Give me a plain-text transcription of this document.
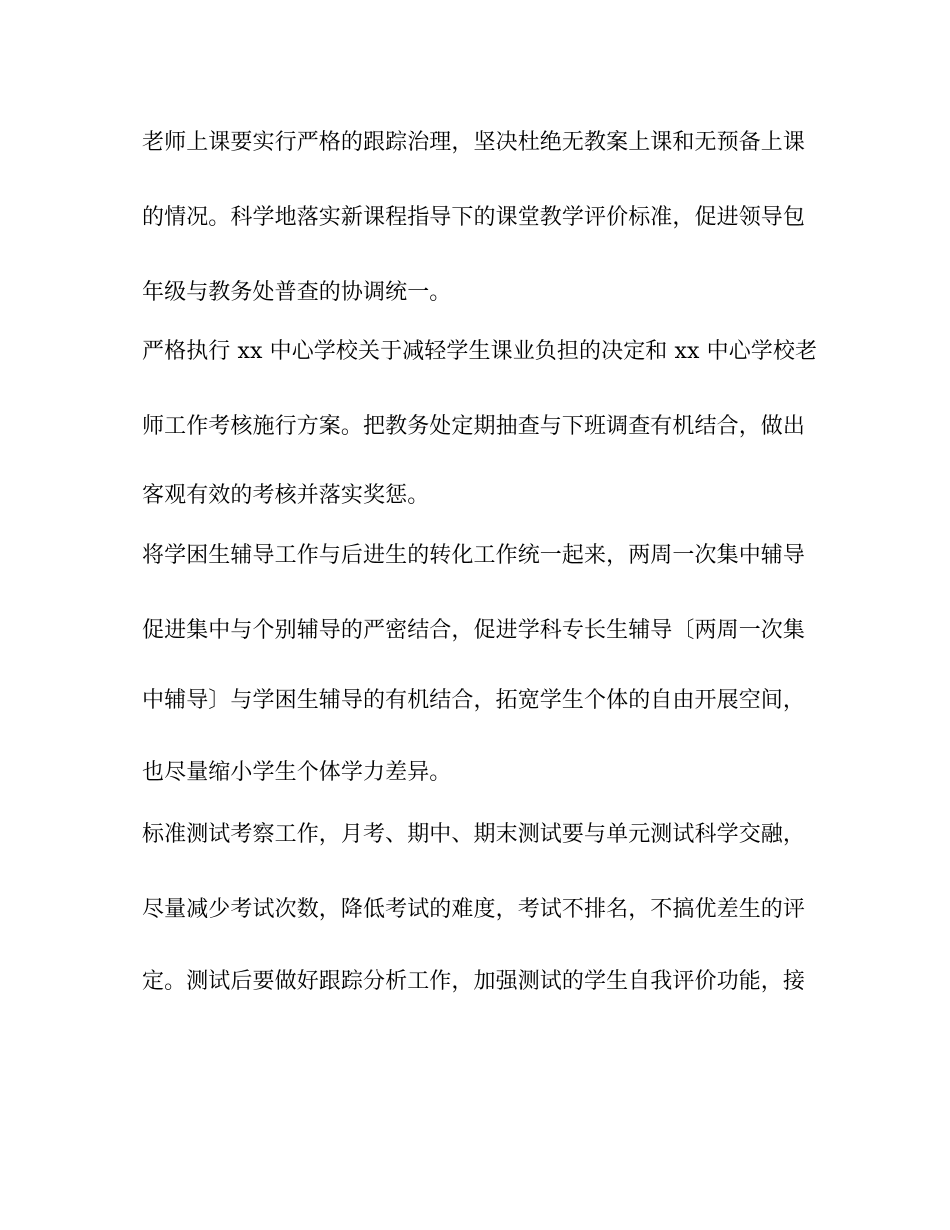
老师上课要实行严格的跟踪治理，坚决杜绝无教案上课和无预备上课
的情况。科学地落实新课程指导下的课堂教学评价标准，促进领导包
年级与教务处普查的协调统一。
严格执行 xx 中心学校关于减轻学生课业负担的决定和 xx 中心学校老
师工作考核施行方案。把教务处定期抽查与下班调查有机结合，做出
客观有效的考核并落实奖惩。
将学困生辅导工作与后进生的转化工作统一起来，两周一次集中辅导
促进集中与个别辅导的严密结合，促进学科专长生辅导〔两周一次集
中辅导〕与学困生辅导的有机结合，拓宽学生个体的自由开展空间，
也尽量缩小学生个体学力差异。
标准测试考察工作，月考、期中、期末测试要与单元测试科学交融，
尽量减少考试次数，降低考试的难度，考试不排名，不搞优差生的评
定。测试后要做好跟踪分析工作，加强测试的学生自我评价功能，接
